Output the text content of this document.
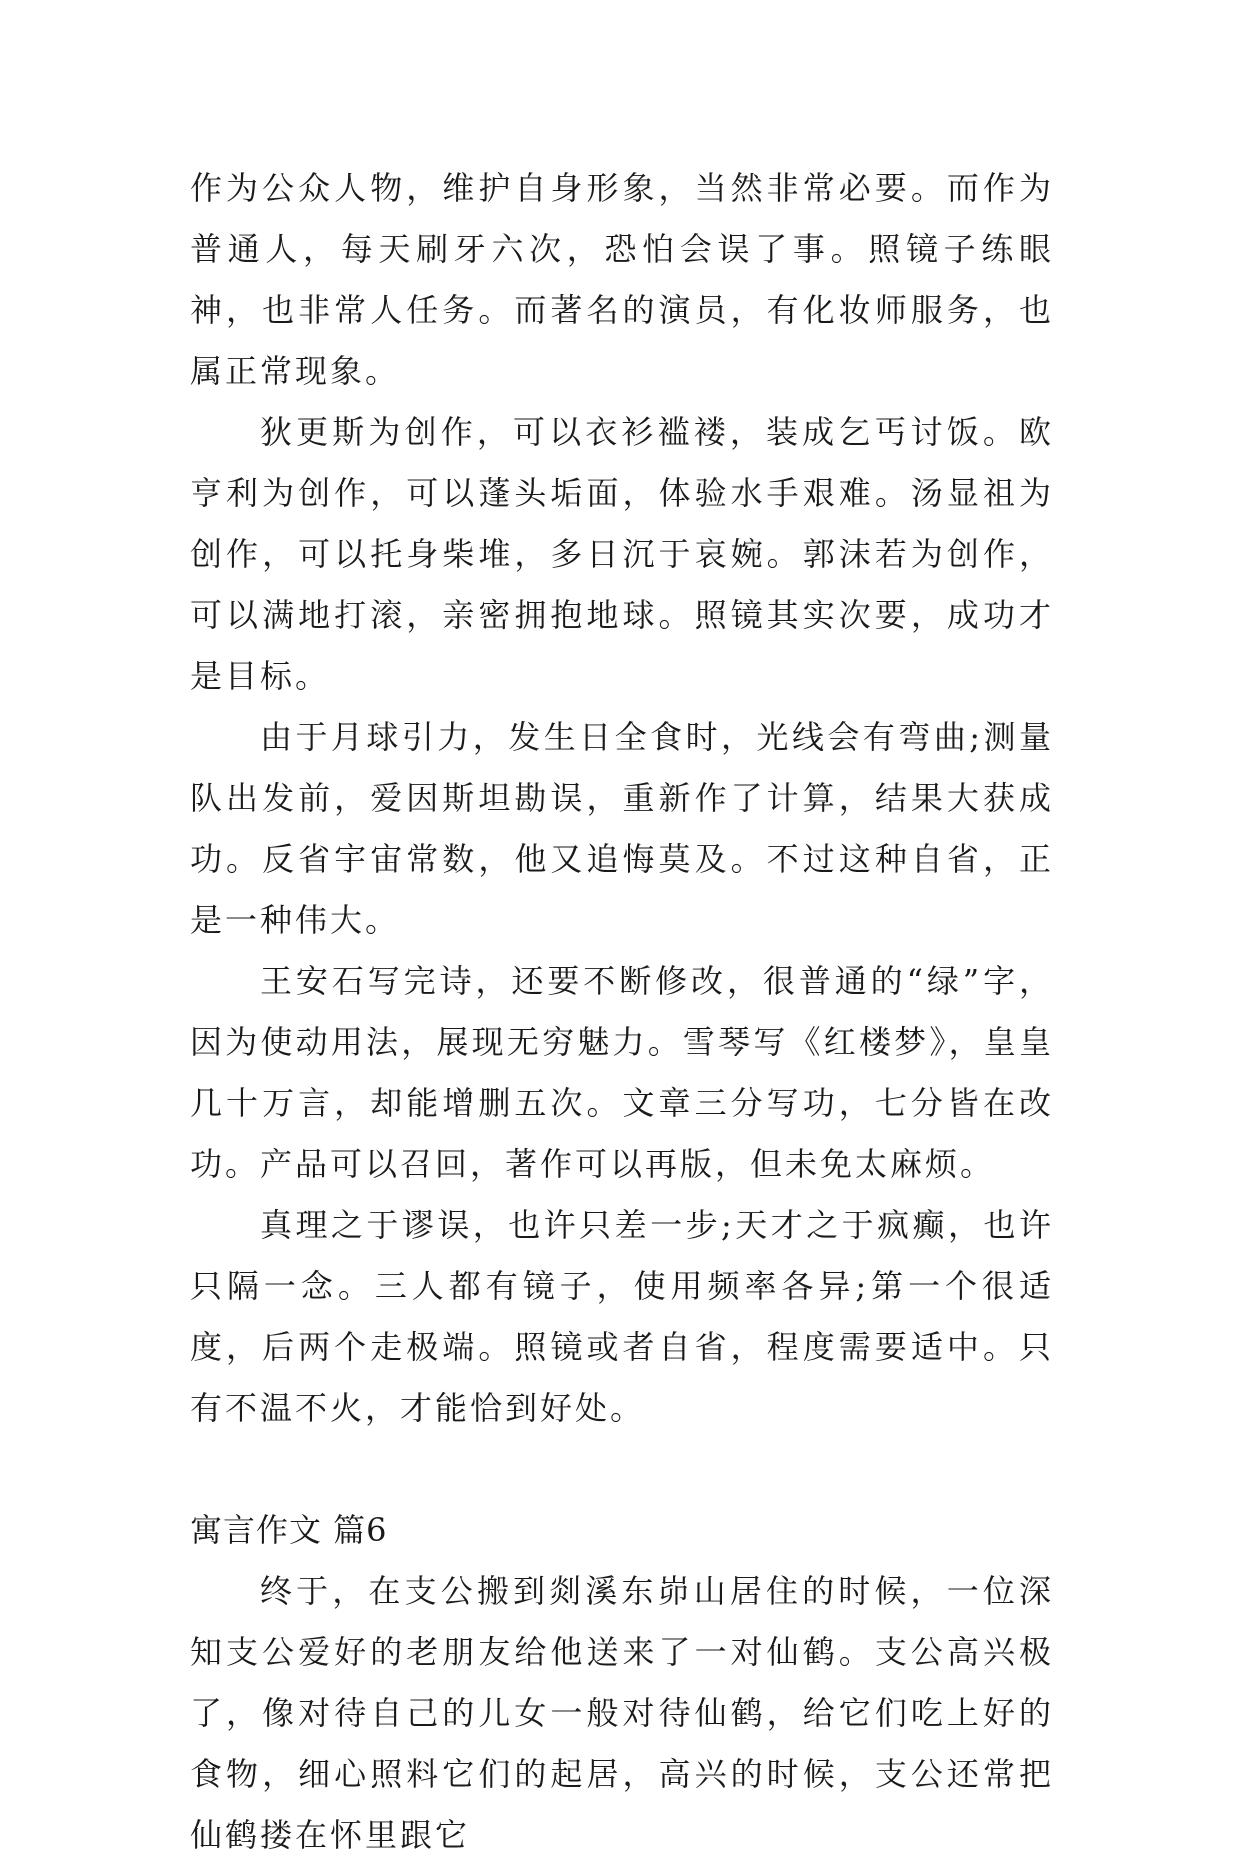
作为公众人物，维护自身形象，当然非常必要。而作为普通人，每天刷牙六次，恐怕会误了事。照镜子练眼神，也非常人任务。而著名的演员，有化妆师服务，也属正常现象。

狄更斯为创作，可以衣衫褴褛，装成乞丐讨饭。欧亨利为创作，可以蓬头垢面，体验水手艰难。汤显祖为创作，可以托身柴堆，多日沉于哀婉。郭沫若为创作，可以满地打滚，亲密拥抱地球。照镜其实次要，成功才是目标。

由于月球引力，发生日全食时，光线会有弯曲;测量队出发前，爱因斯坦勘误，重新作了计算，结果大获成功。反省宇宙常数，他又追悔莫及。不过这种自省，正是一种伟大。

王安石写完诗，还要不断修改，很普通的“绿”字，因为使动用法，展现无穷魅力。雪琴写《红楼梦》，皇皇几十万言，却能增删五次。文章三分写功，七分皆在改功。产品可以召回，著作可以再版，但未免太麻烦。

真理之于谬误，也许只差一步;天才之于疯癫，也许只隔一念。三人都有镜子，使用频率各异;第一个很适度，后两个走极端。照镜或者自省，程度需要适中。只有不温不火，才能恰到好处。

寓言作文 篇6

终于，在支公搬到剡溪东峁山居住的时候，一位深知支公爱好的老朋友给他送来了一对仙鹤。支公高兴极了，像对待自己的儿女一般对待仙鹤，给它们吃上好的食物，细心照料它们的起居，高兴的时候，支公还常把仙鹤搂在怀里跟它
